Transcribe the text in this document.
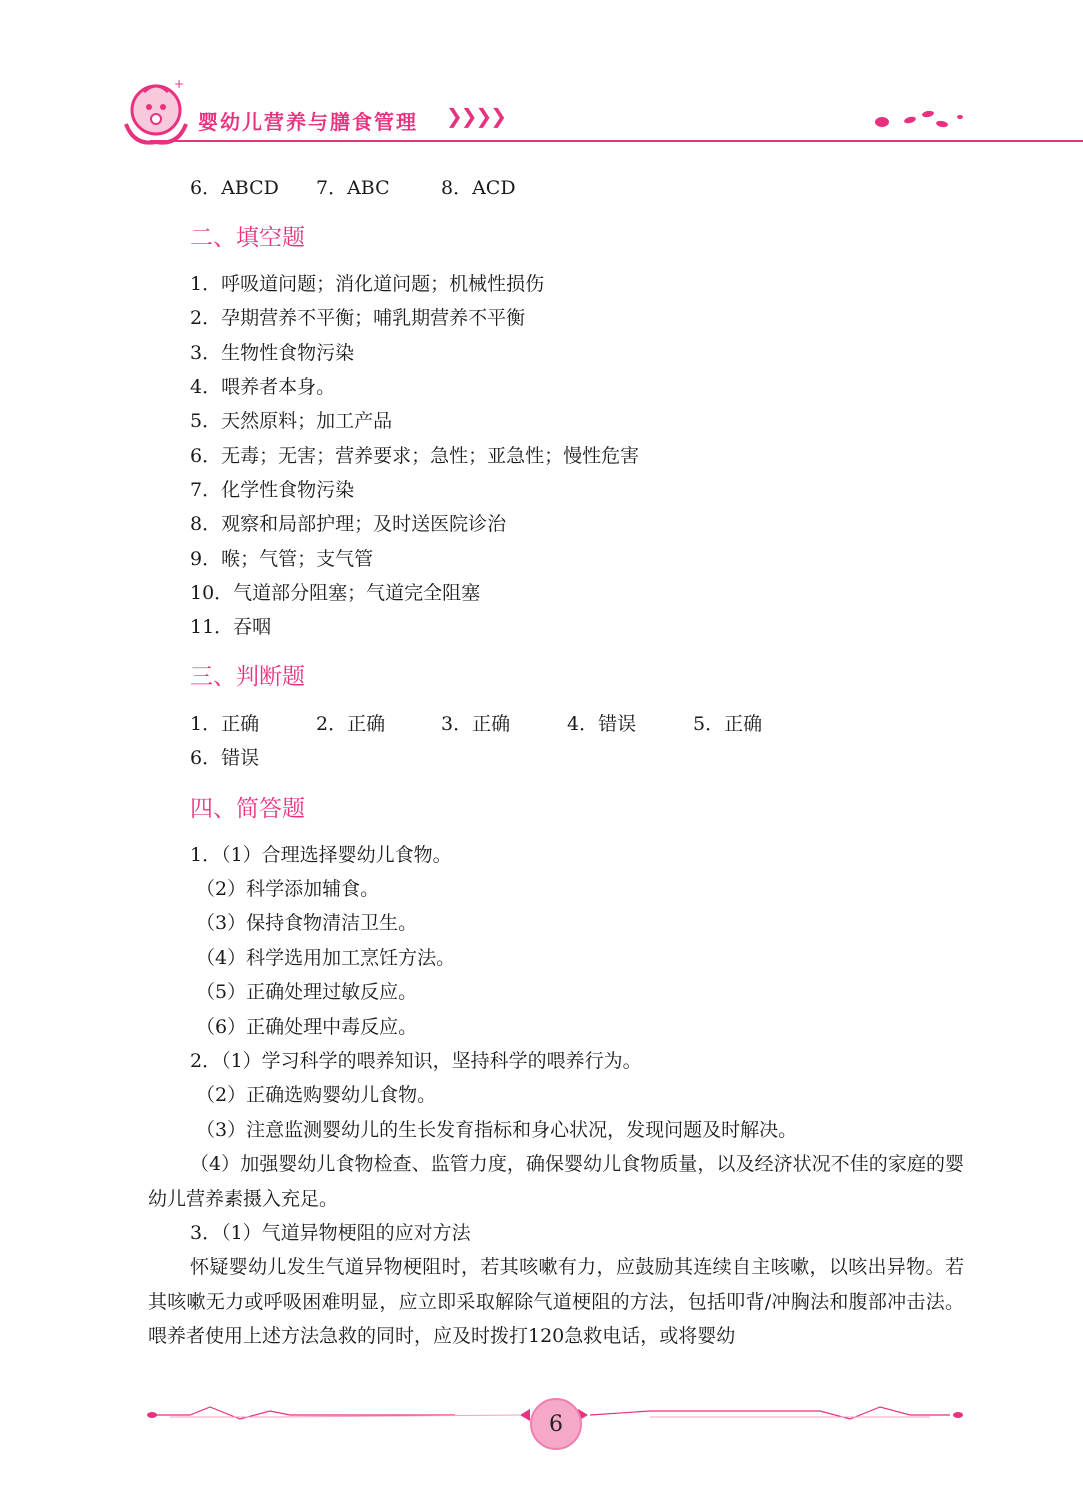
+
婴幼儿营养与膳食管理 ❯❯❯❯
6．ABCD 7．ABC	8．ACD
二、填空题
1．呼吸道问题；消化道问题；机械性损伤
2．孕期营养不平衡；哺乳期营养不平衡
3．生物性食物污染
4．喂养者本身。
5．天然原料；加工产品
6．无毒；无害；营养要求；急性；亚急性；慢性危害
7．化学性食物污染
8．观察和局部护理；及时送医院诊治
9．喉；气管；支气管
10．气道部分阻塞；气道完全阻塞
11．吞咽
三、判断题
1．正确	2．正确	3．正确	4．错误	5．正确
6．错误
四、简答题
1．（1）合理选择婴幼儿食物。
（2）科学添加辅食。
（3）保持食物清洁卫生。
（4）科学选用加工烹饪方法。
（5）正确处理过敏反应。
（6）正确处理中毒反应。
2．（1）学习科学的喂养知识，坚持科学的喂养行为。
（2）正确选购婴幼儿食物。
（3）注意监测婴幼儿的生长发育指标和身心状况，发现问题及时解决。
（4）加强婴幼儿食物检查、监管力度，确保婴幼儿食物质量，以及经济状况不佳的家庭的婴幼儿营养素摄入充足。
3．（1）气道异物梗阻的应对方法
怀疑婴幼儿发生气道异物梗阻时，若其咳嗽有力，应鼓励其连续自主咳嗽，以咳出异物。若其咳嗽无力或呼吸困难明显，应立即采取解除气道梗阻的方法，包括叩背/冲胸法和腹部冲击法。喂养者使用上述方法急救的同时，应及时拨打120急救电话，或将婴幼
6
